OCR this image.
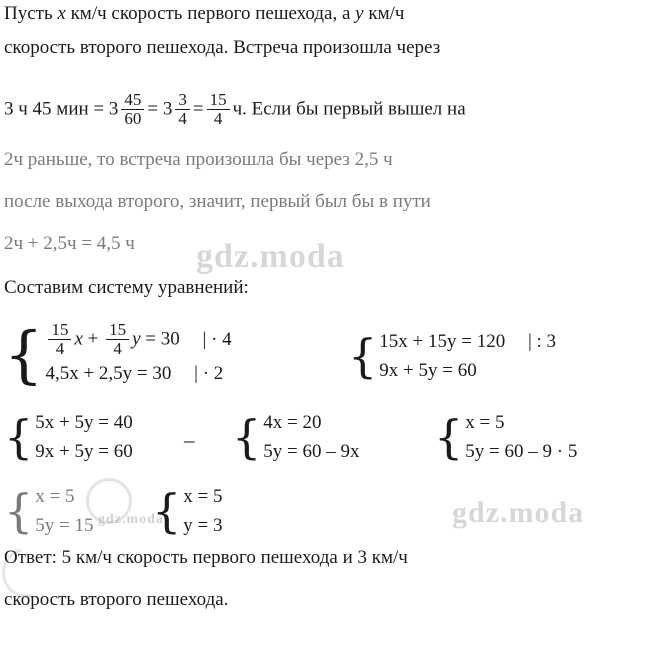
Пусть x км/ч скорость первого пешехода, а y км/ч
скорость второго пешехода. Встреча произошла через
3 ч 45 мин = $3 \frac{45}{60} = 3 \frac{3}{4} = \frac{15}{4} ч$. Если бы первый вышел на
2ч раньше, то встреча произошла бы через 2,5 ч
после выхода второго, значит, первый был бы в пути
2ч + 2,5ч = 4,5 ч gdz.moda
Составим систему уравнений:
{ $\frac{15}{4}$ $x + \frac{15}{4}$ y = 30 | · 4
4,5x + 2,5y = 30 | · 2	{ 15x + 15y = 120 | : 3
9x + 5y = 60
{ 5x + 5y = 40
9x + 5y = 60 – { 4x = 20
5y = 60 – 9x { x = 5
5y = 60 – 9 · 5
{ x = 5
5y = 15 { x = 5
y = 3
gdz.moda	gdz.moda
Ответ: 5 км/ч скорость первого пешехода и 3 км/ч
скорость второго пешехода.
